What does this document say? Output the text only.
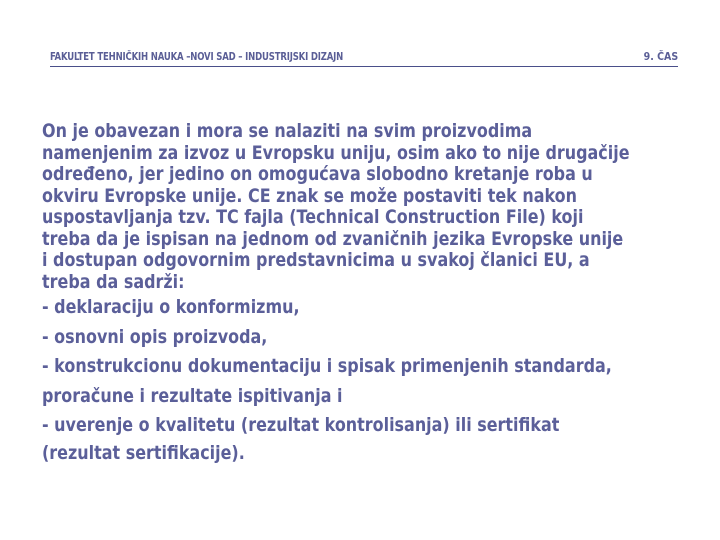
FAKULTET TEHNIČKIH NAUKA –NOVI SAD – INDUSTRIJSKI DIZAJN	9. ČAS
On je obavezan i mora se nalaziti na svim proizvodima
namenjenim za izvoz u Evropsku uniju, osim ako to nije drugačije
određeno, jer jedino on omogućava slobodno kretanje roba u
okviru Evropske unije. CE znak se može postaviti tek nakon
uspostavljanja tzv. TC fajla (Technical Construction File) koji
treba da je ispisan na jednom od zvaničnih jezika Evropske unije
i dostupan odgovornim predstavnicima u svakoj članici EU, a
treba da sadrži:
- deklaraciju o konformizmu,
- osnovni opis proizvoda,
- konstrukcionu dokumentaciju i spisak primenjenih standarda,
proračune i rezultate ispitivanja i
- uverenje o kvalitetu (rezultat kontrolisanja) ili sertifikat
(rezultat sertifikacije).
